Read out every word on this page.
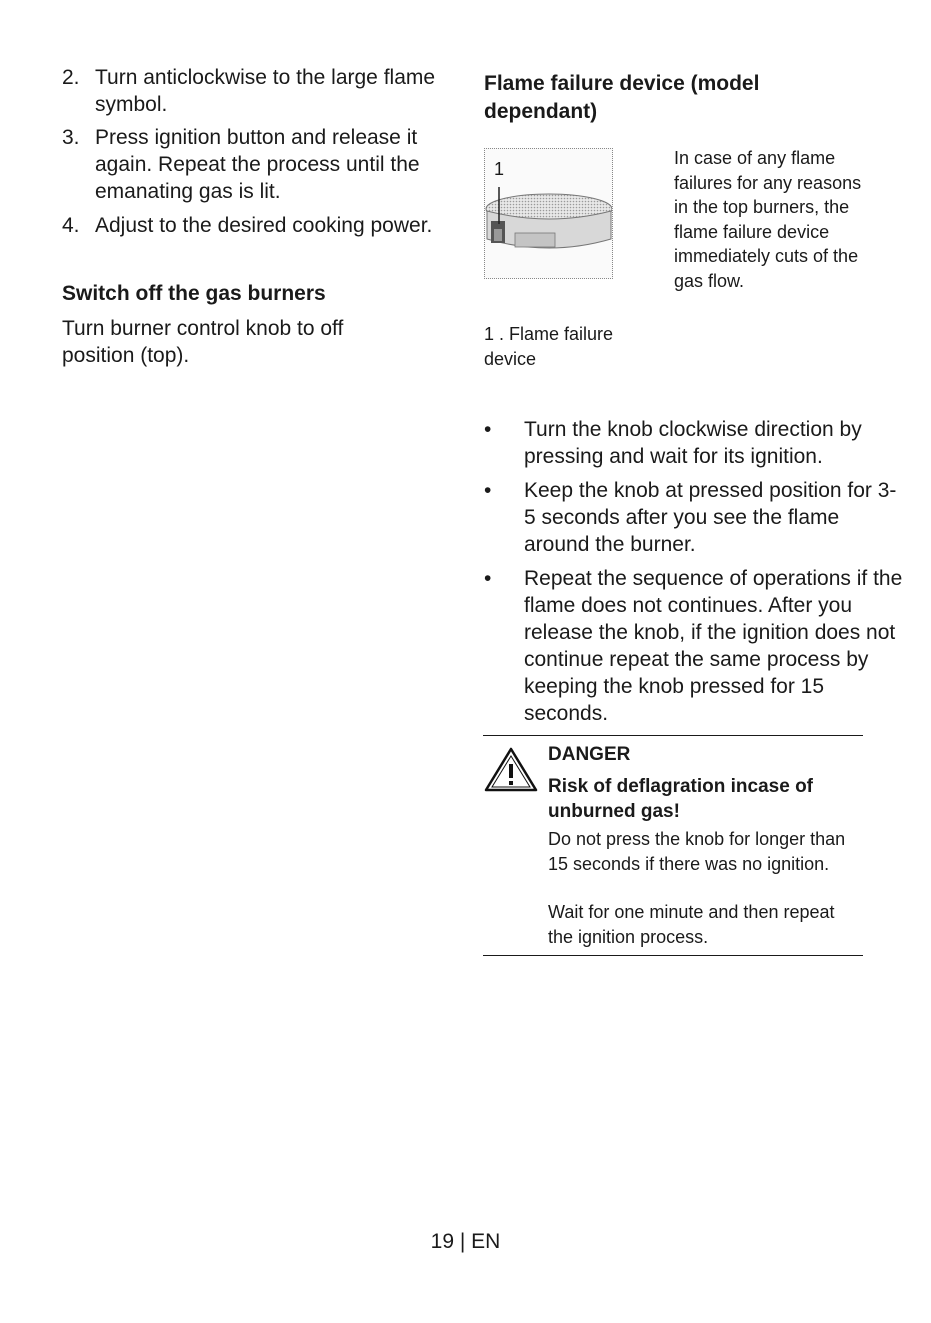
2. Turn anticlockwise to the large flame symbol.
3. Press ignition button and release it again. Repeat the process until the emanating gas is lit.
4. Adjust to the desired cooking power.
Switch off the gas burners
Turn burner control knob to off position (top).
Flame failure device (model dependant)
1
In case of any flame failures for any reasons in the top burners, the flame failure device immediately cuts of the gas flow.
1 . Flame failure device
• Turn the knob clockwise direction by pressing and wait for its ignition.
• Keep the knob at pressed position for 3-5 seconds after you see the flame around the burner.
• Repeat the sequence of operations if the flame does not continues. After you release the knob, if the ignition does not continue repeat the same process by keeping the knob pressed for 15 seconds.
DANGER
Risk of deflagration incase of unburned gas!
Do not press the knob for longer than 15 seconds if there was no ignition.
Wait for one minute and then repeat the ignition process.
19 | EN
